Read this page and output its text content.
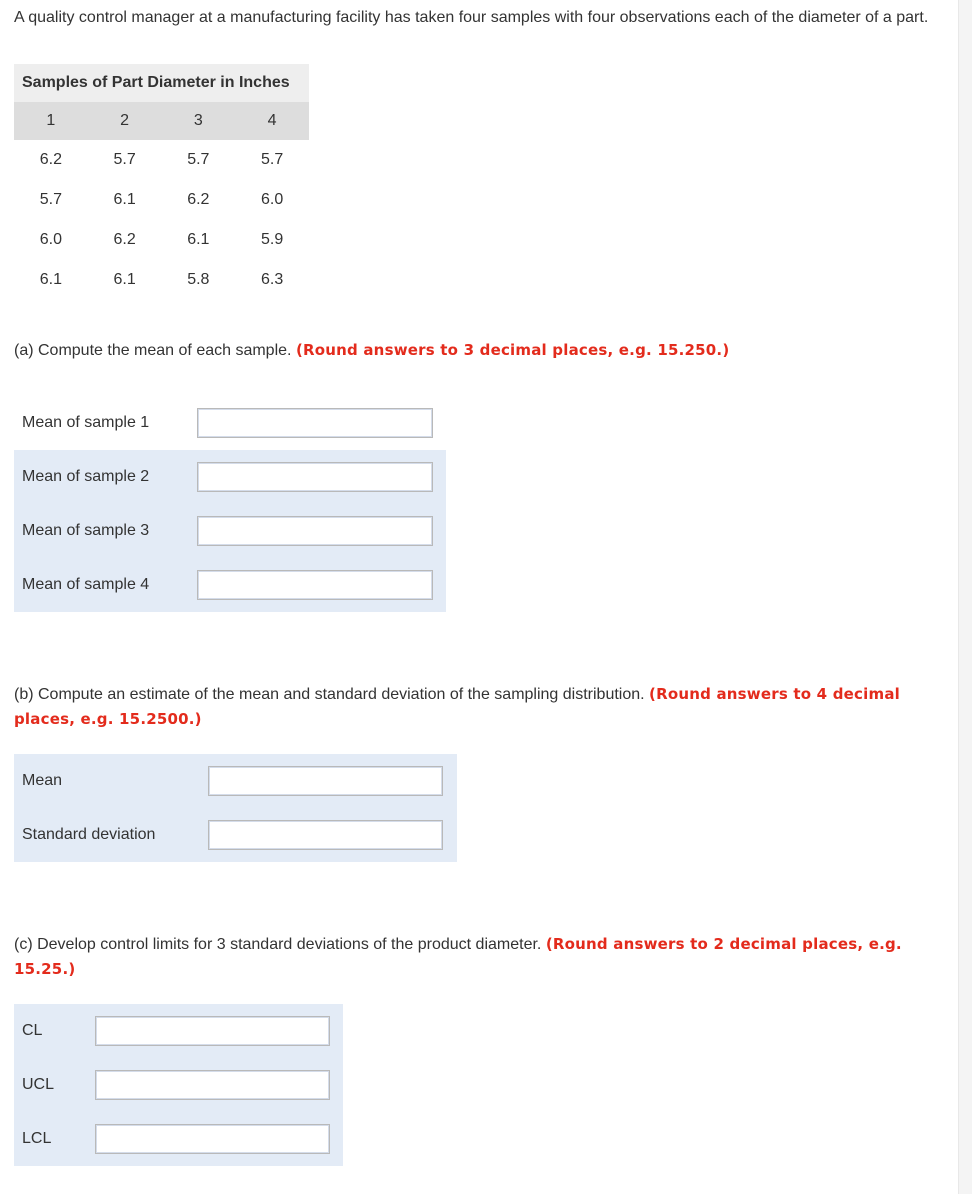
A quality control manager at a manufacturing facility has taken four samples with four observations each of the diameter of a part.

Samples of Part Diameter in Inches			
1	2	3	4
6.2	5.7	5.7	5.7
5.7	6.1	6.2	6.0
6.0	6.2	6.1	5.9
6.1	6.1	5.8	6.3

(a) Compute the mean of each sample. (Round answers to 3 decimal places, e.g. 15.250.)

Mean of sample 1	

Mean of sample 2	

Mean of sample 3	

Mean of sample 4	

(b) Compute an estimate of the mean and standard deviation of the sampling distribution. (Round answers to 4 decimal places, e.g. 15.2500.)

Mean	

Standard deviation	

(c) Develop control limits for 3 standard deviations of the product diameter. (Round answers to 2 decimal places, e.g. 15.25.)

CL	

UCL	

LCL	
